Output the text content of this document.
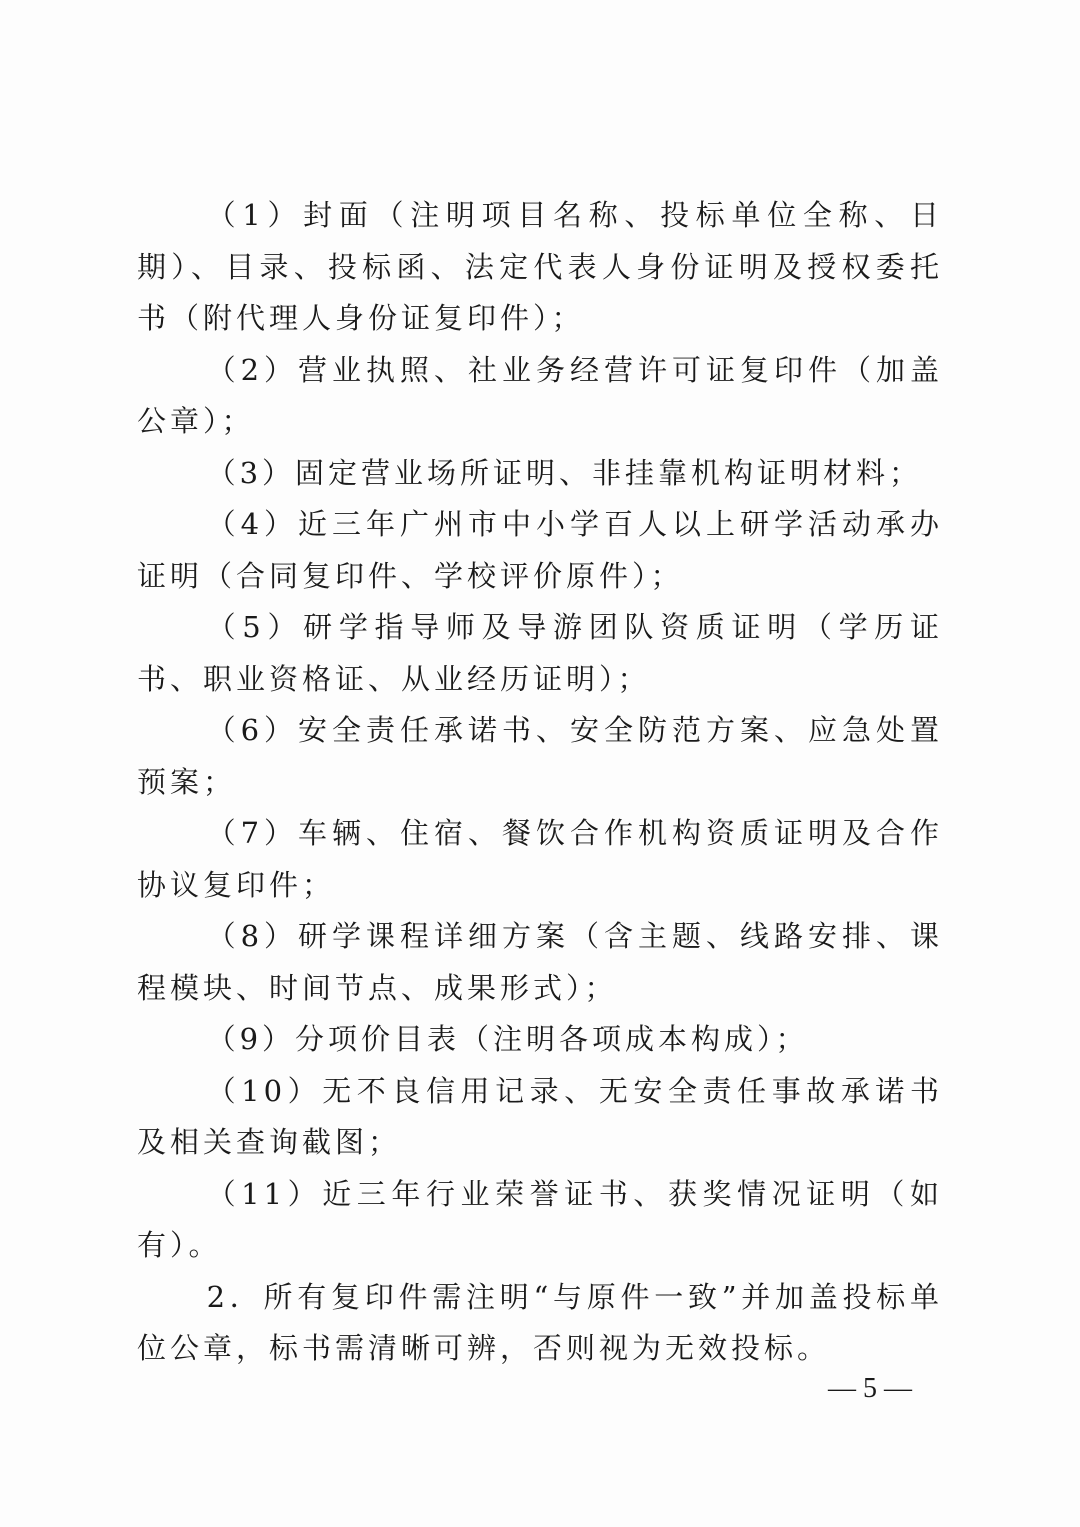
（1）封面（注明项目名称、投标单位全称、日期）、目录、投标函、法定代表人身份证明及授权委托书（附代理人身份证复印件）；

（2）营业执照、社业务经营许可证复印件（加盖公章）；

（3）固定营业场所证明、非挂靠机构证明材料；

（4）近三年广州市中小学百人以上研学活动承办证明（合同复印件、学校评价原件）；

（5）研学指导师及导游团队资质证明（学历证书、职业资格证、从业经历证明）；

（6）安全责任承诺书、安全防范方案、应急处置预案；

（7）车辆、住宿、餐饮合作机构资质证明及合作协议复印件；

（8）研学课程详细方案（含主题、线路安排、课程模块、时间节点、成果形式）；

（9）分项价目表（注明各项成本构成）；

（10）无不良信用记录、无安全责任事故承诺书及相关查询截图；

（11）近三年行业荣誉证书、获奖情况证明（如有）。

2．所有复印件需注明“与原件一致”并加盖投标单位公章，标书需清晰可辨，否则视为无效投标。

— 5 —
